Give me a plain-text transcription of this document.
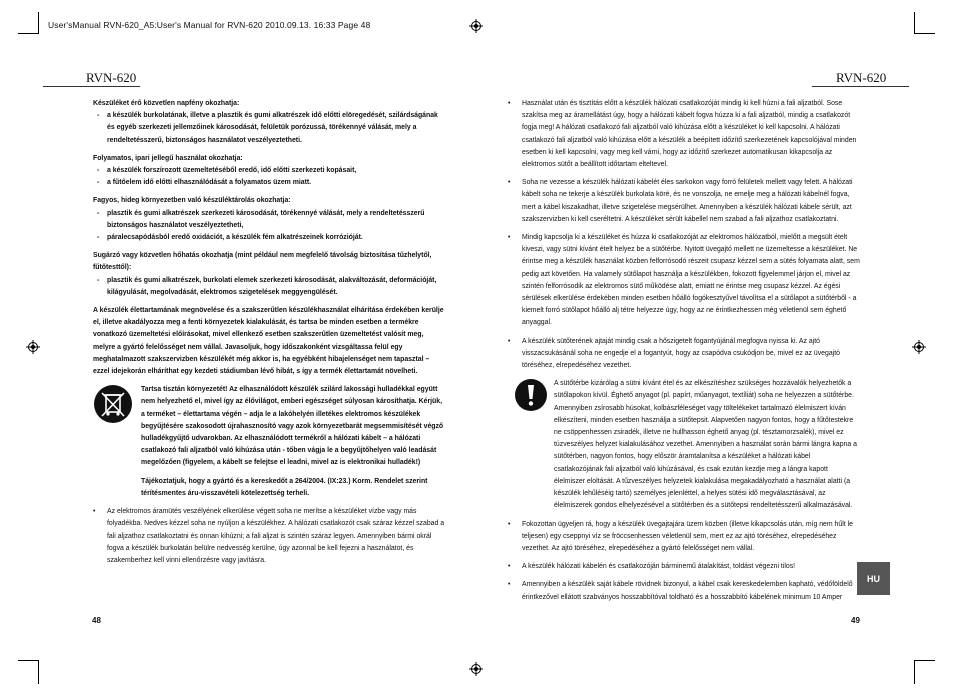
User'sManual RVN-620_A5:User's Manual for RVN-620 2010.09.13. 16:33 Page 48
RVN-620	RVN-620

Készüléket érő közvetlen napfény okozhatja:

- a készülék burkolatának, illetve a plasztik és gumi alkatrészek idő előtti elöregedését, szilárdságának és egyéb szerkezeti jellemzőinek károsodását, felületük porózussá, törékennyé válását, mely a rendeltetésszerű, biztonságos használatot veszélyeztetheti.

Folyamatos, ipari jellegű használat okozhatja:

- a készülék forszírozott üzemeltetéséből eredő, idő előtti szerkezeti kopásait,
- a fűtőelem idő előtti elhasználódását a folyamatos üzem miatt.

Fagyos, hideg környezetben való készüléktárolás okozhatja:

- plasztik és gumi alkatrészek szerkezeti károsodását, törékennyé válását, mely a rendeltetésszerű biztonságos használatot veszélyeztetheti,
- páralecsapódásból eredő oxidációt, a készülék fém alkatrészeinek korrózióját.

Sugárzó vagy közvetlen hőhatás okozhatja (mint például nem megfelelő távolság biztosítása tűzhelytől, fűtőtesttől):

- plasztik és gumi alkatrészek, burkolati elemek szerkezeti károsodását, alakváltozását, deformációját, kilágyulását, megolvadását, elektromos szigetelések meggyengülését.

A készülék élettartamának megnövelése és a szakszerűtlen készülékhasználat elhárítása érdekében kerülje el, illetve akadályozza meg a fenti környezetek kialakulását, és tartsa be minden esetben a termékre vonatkozó üzemeltetési előírásokat, mivel ellenkező esetben szakszerűtlen üzemeltetést valósít meg, melyre a gyártó felelősséget nem vállal. Javasoljuk, hogy időszakonként vizsgáltassa felül egy meghatalmazott szakszervizben készülékét még akkor is, ha egyébként hibajelenséget nem tapasztal – ezzel idejekorán elháríthat egy kezdeti stádiumban lévő hibát, s így a termék élettartamát növelheti.

Tartsa tisztán környezetét! Az elhasználódott készülék szilárd lakossági hulladékkal együtt nem helyezhető el, mivel így az élővilágot, emberi egészséget súlyosan károsíthatja. Kérjük, a terméket – élettartama végén – adja le a lakóhelyén illetékes elektromos készülékek begyűjtésére szakosodott újrahasznosító vagy azok környezetbarát megsemmisítését végző hulladékgyűjtő udvarokban. Az elhasználódott termékről a hálózati kábelt – a hálózati csatlakozó fali aljzatból való kihúzása után - tőben vágja le a begyűjtőhelyen való leadását megelőzően (figyelem, a kábelt se felejtse el leadni, mivel az is elektronikai hulladék!)

Tájékoztatjuk, hogy a gyártó és a kereskedőt a 264/2004. (IX:23.) Korm. Rendelet szerint térítésmentes áru-visszavételi kötelezettség terheli.

• Az elektromos áramütés veszélyének elkerülése végett soha ne merítse a készüléket vízbe vagy más folyadékba. Nedves kézzel soha ne nyúljon a készülékhez. A hálózati csatlakozót csak száraz kézzel szabad a fali aljzathoz csatlakoztatni és onnan kihúzni; a fali aljzat is szintén száraz legyen. Amennyiben bármi okrál fogva a készülék burkolatán belülre nedvesség kerülne, úgy azonnal be kell fejezni a használatot, és szakemberhez kell vinni ellenőrzésre vagy javításra.
48
• Használat után és tisztítás előtt a készülék hálózati csatlakozóját mindig ki kell húzni a fali aljzatból. Sose szakítsa meg az áramellátást úgy, hogy a hálózati kábelt fogva húzza ki a fali aljzatból, mindig a csatlakozót fogja meg! A hálózati csatlakozó fali aljzatból való kihúzása előtt a készüléket ki kell kapcsolni. A hálózati csatlakozó fali aljzatból való kihúzása előtt a készülék a beépített időzítő szerkezetének kapcsolójával minden esetben ki kell kapcsolni, vagy meg kell várni, hogy az időzítő szerkezet automatikusan kikapcsolja az elektromos sütőt a beállított időtartam elteltevel.
• Soha ne vezesse a készülék hálózati kábelét éles sarkokon vagy forró felületek mellett vagy felett. A hálózati kábelt soha ne tekerje a készülék burkolata köré, és ne vonszolja, ne emelje meg a hálózati kábelnél fogva, mert a kábel kiszakadhat, illetve szigetelése megsérülhet. Amennyiben a készülék hálózati kábele sérült, azt szakszervizben ki kell cseréltetni. A készüléket sérült kábellel nem szabad a fali aljzathoz csatlakoztatni.
• Mindig kapcsolja ki a készüléket és húzza ki csatlakozóját az elektromos hálózatból, mielőtt a megsült ételt kiveszi, vagy sütni kívánt ételt helyez be a sütőtérbe. Nyitott üvegajtó mellett ne üzemeltesse a készüléket. Ne érintse meg a készülék használat közben felforrósodó részeit csupasz kézzel sem a sütés folyamata alatt, sem pedig azt követően. Ha valamely sütőlapot használja a készülékben, fokozott figyelemmel járjon el, mivel az szintén felforrósodik az elektromos sütő működése alatt, emiatt ne érintse meg csupasz kézzel. Az égési sérülések elkerülése érdekében minden esetben hőálló fogókesztyűvel távolítsa el a sütőlapot a sütőtérből - a kiemelt forró sütőlapot hőálló alj tétre helyezze úgy, hogy az ne érintkezhessen még véletlenül sem éghető anyaggal.
• A készülék sütőterének ajtaját mindig csak a hőszigetelt fogantyújánál megfogva nyissa ki. Az ajtó visszacsukásánál soha ne engedje el a fogantyút, hogy az csapódva csukódjon be, mivel ez az üvegajtó töréséhez, elrepedéséhez vezethet.

A sütőtérbe kizárólag a sütni kívánt étel és az elkészítéshez szükséges hozzávalók helyezhetők a sütőlapokon kívül. Éghető anyagot (pl. papírt, műanyagot, textíliát) soha ne helyezzen a sütőtérbe. Amennyiben zsírosabb húsokat, kolbászféleséget vagy töltelékeket tartalmazó élelmiszert kíván elkészíteni, minden esetben használja a sütőtepsit. Alapvetően nagyon fontos, hogy a fűtőtestekre ne csöppenhessen zsiradék, illetve ne hullhasson éghető anyag (pl. tésztamorzsalék), mivel ez túzveszélyes helyzet kialakulásához vezethet. Amennyiben a használat során bármi lángra kapna a sütőtérben, nagyon fontos, hogy először áramtalanítsa a készüléket a hálózati kábel csatlakozójának fali aljzatból való kihúzásával, és csak ezután kezdje meg a lángra kapott élelmiszer eloltását. A tűzveszélyes helyzetek kialakulása megakadályozható a használat alatti (a készülék lehűléséig tartó) személyes jelenléttel, a helyes sütési idő megválasztásával, az élelmiszerek gondos elhelyezésével a sütőtérben és a sütőtepsi rendeltetésszerű alkalmazásával.

• Fokozottan ügyeljen rá, hogy a készülék üvegajtajára üzem közben (illetve kikapcsolás után, míg nem hűlt le teljesen) egy cseppnyi víz se fröccsenhessen véletlenül sem, mert ez az ajtó töréséhez, elrepedéséhez vezethet. Az ajtó töréséhez, elrepedéséhez a gyártó felelősséget nem vállal.
• A készülék hálózati kábelén és csatlakozóján bárminemű átalakítást, toldást végezni tilos!
• Amennyiben a készülék saját kábele rövidnek bizonyul, a kábel csak kereskedelemben kapható, védőföldelő érintkezővel ellátott szabványos hosszabbítóval toldható és a hosszabbító kábelének minimum 10 Amper
HU
49
